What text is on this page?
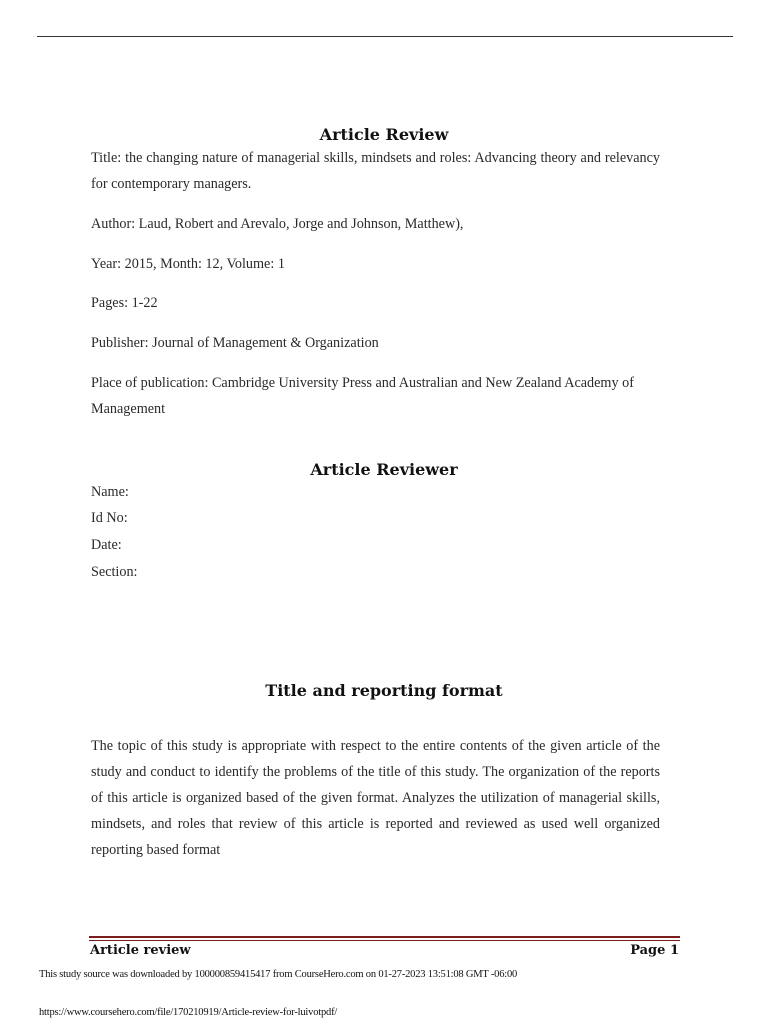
Article Review

Title: the changing nature of managerial skills, mindsets and roles: Advancing theory and relevancy for contemporary managers.

Author: Laud, Robert and Arevalo, Jorge and Johnson, Matthew),

Year: 2015, Month: 12, Volume: 1

Pages: 1-22

Publisher: Journal of Management & Organization

Place of publication: Cambridge University Press and Australian and New Zealand Academy of Management

Article Reviewer

Name:

Id No:

Date:

Section:

Title and reporting format

The topic of this study is appropriate with respect to the entire contents of the given article of the study and conduct to identify the problems of the title of this study. The organization of the reports of this article is organized based of the given format. Analyzes the utilization of managerial skills, mindsets, and roles that review of this article is reported and reviewed as used well organized reporting based format

Article review	Page 1
This study source was downloaded by 100000859415417 from CourseHero.com on 01-27-2023 13:51:08 GMT -06:00
https://www.coursehero.com/file/170210919/Article-review-for-luivotpdf/
